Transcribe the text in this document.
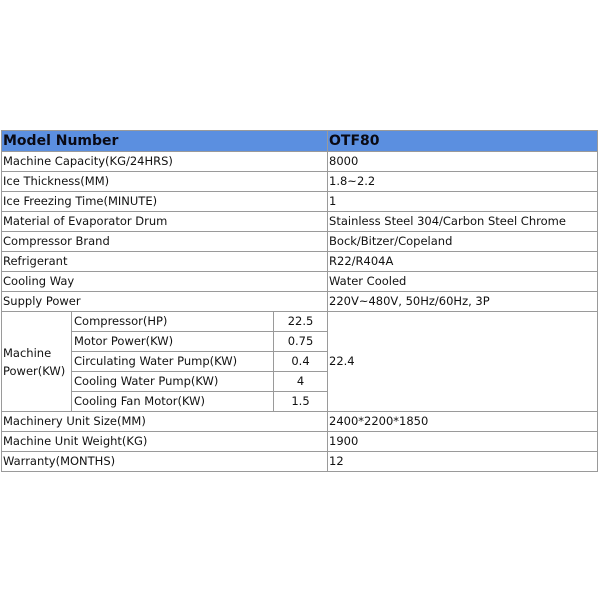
Model Number			OTF80
Machine Capacity(KG/24HRS)			8000
Ice Thickness(MM)			1.8~2.2
Ice Freezing Time(MINUTE)			1
Material of Evaporator Drum			Stainless Steel 304/Carbon Steel Chrome
Compressor Brand			Bock/Bitzer/Copeland
Refrigerant			R22/R404A
Cooling Way			Water Cooled
Supply Power			220V~480V, 50Hz/60Hz, 3P
Machine Power(KW)	Compressor(HP)	22.5	22.4
	Motor Power(KW)	0.75	
	Circulating Water Pump(KW)	0.4	
	Cooling Water Pump(KW)	4	
	Cooling Fan Motor(KW)	1.5	
Machinery Unit Size(MM)			2400*2200*1850
Machine Unit Weight(KG)			1900
Warranty(MONTHS)			12
